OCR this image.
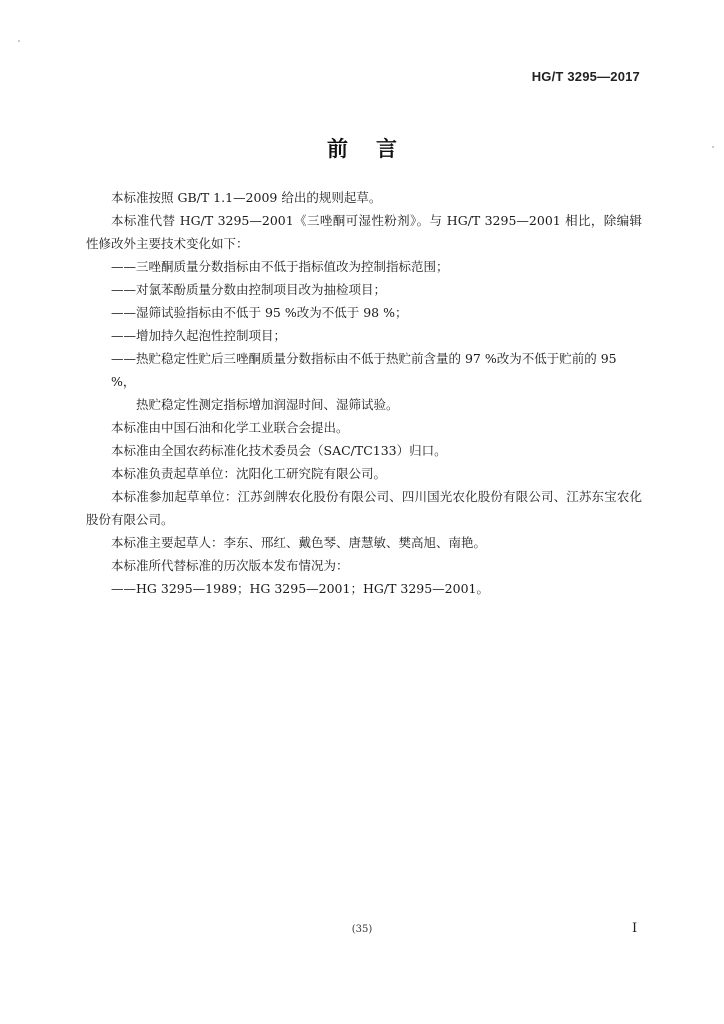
HG/T 3295—2017
前言

本标准按照 GB/T 1.1—2009 给出的规则起草。

本标准代替 HG/T 3295—2001《三唑酮可湿性粉剂》。与 HG/T 3295—2001 相比，除编辑性修改外主要技术变化如下：

——三唑酮质量分数指标由不低于指标值改为控制指标范围；

——对氯苯酚质量分数由控制项目改为抽检项目；

——湿筛试验指标由不低于 95 %改为不低于 98 %；

——增加持久起泡性控制项目；

——热贮稳定性贮后三唑酮质量分数指标由不低于热贮前含量的 97 %改为不低于贮前的 95 %，

热贮稳定性测定指标增加润湿时间、湿筛试验。

本标准由中国石油和化学工业联合会提出。

本标准由全国农药标准化技术委员会（SAC/TC133）归口。

本标准负责起草单位：沈阳化工研究院有限公司。

本标准参加起草单位：江苏剑牌农化股份有限公司、四川国光农化股份有限公司、江苏东宝农化股份有限公司。

本标准主要起草人：李东、邢红、戴色琴、唐慧敏、樊高旭、南艳。

本标准所代替标准的历次版本发布情况为：

——HG 3295—1989；HG 3295—2001；HG/T 3295—2001。

(35)	I
